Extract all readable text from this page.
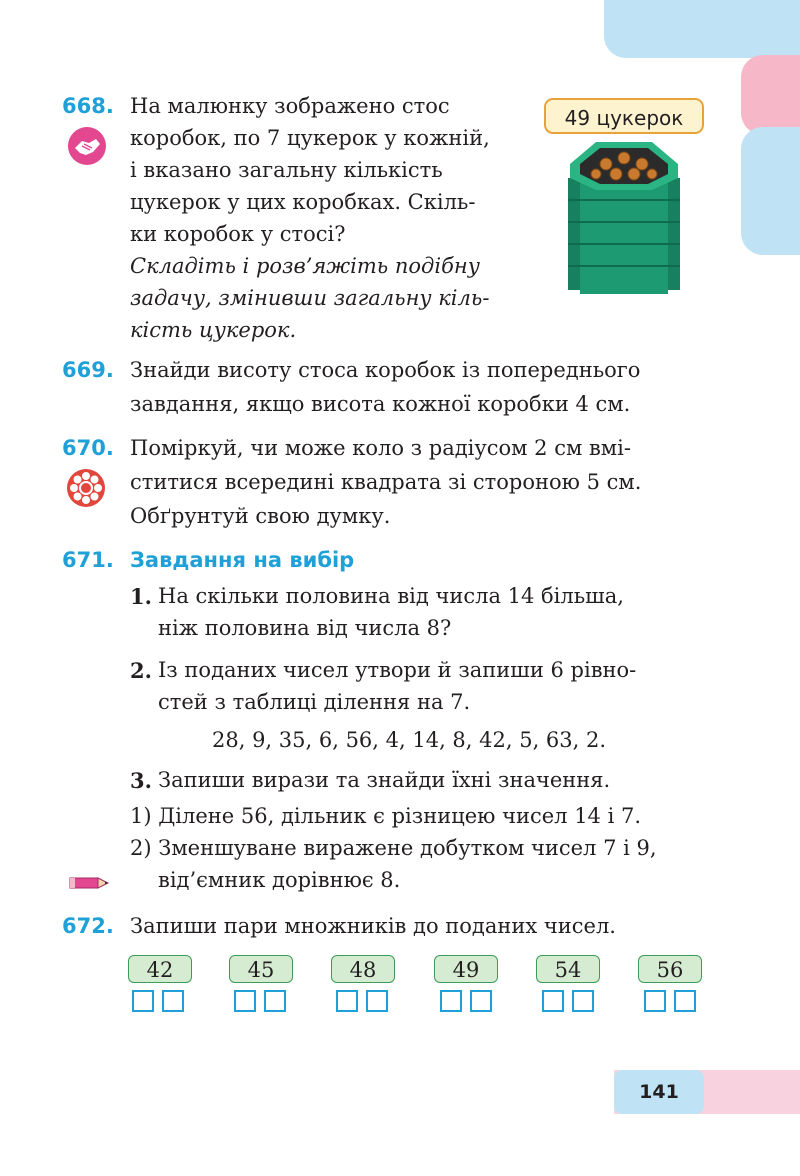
668. На малюнку зображено стос
коробок, по 7 цукерок у кожній,
і вказано загальну кількість
цукерок у цих коробках. Скіль-
ки коробок у стосі?
Складіть і розв’яжіть подібну
задачу, змінивши загальну кіль-
кість цукерок.
49 цукерок
669. Знайди висоту стоса коробок із попереднього
завдання, якщо висота кожної коробки 4 см.
670. Поміркуй, чи може коло з радіусом 2 см вмі-
ститися всередині квадрата зі стороною 5 см.
Обґрунтуй свою думку.
671. Завдання на вибір
1. На скільки половина від числа 14 більша,
ніж половина від числа 8?
2. Із поданих чисел утвори й запиши 6 рівно-
стей з таблиці ділення на 7.
28, 9, 35, 6, 56, 4, 14, 8, 42, 5, 63, 2.
3. Запиши вирази та знайди їхні значення.
1) Ділене 56, дільник є різницею чисел 14 і 7.
2) Зменшуване виражене добутком чисел 7 і 9,
від’ємник дорівнює 8.
672. Запиши пари множників до поданих чисел.
42	45	48	49	54	56
141
